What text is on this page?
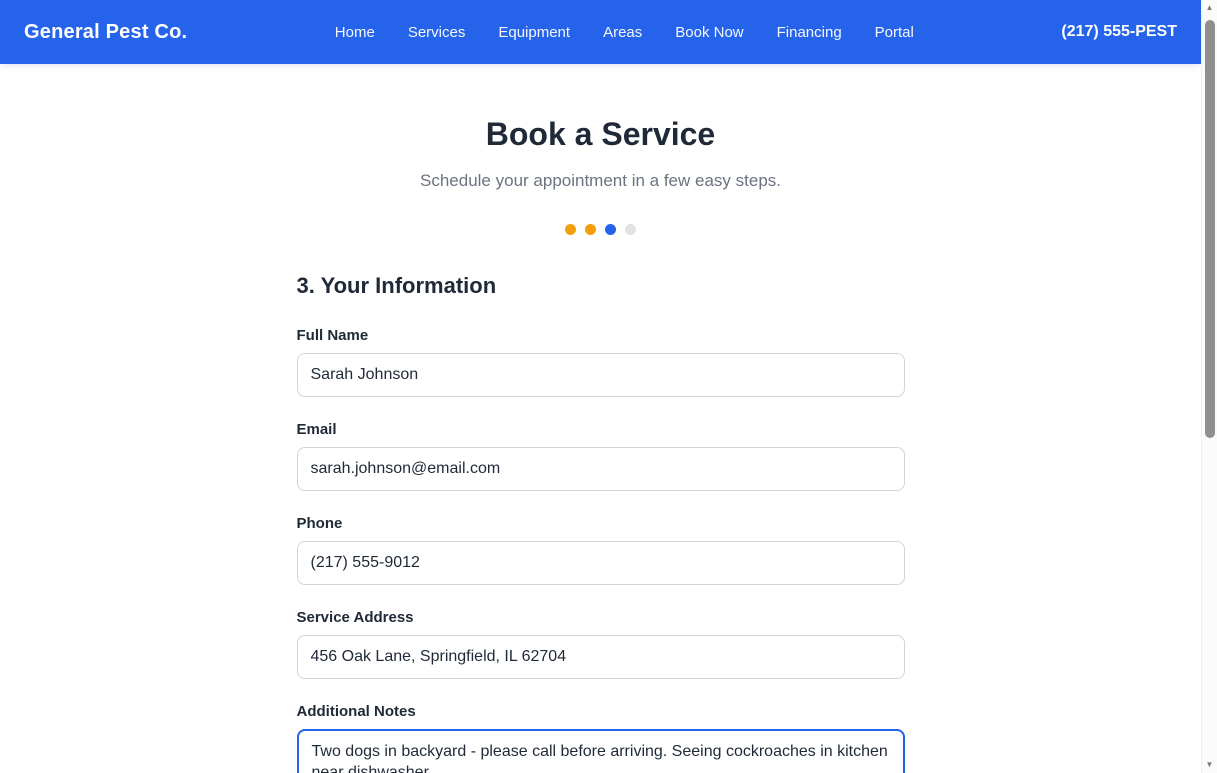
General Pest Co.	Home Services Equipment Areas Book Now Financing Portal	(217) 555-PEST
Book a Service

Schedule your appointment in a few easy steps.

3. Your Information
Full Name
Sarah Johnson
Email
sarah.johnson@email.com
Phone
(217) 555-9012
Service Address
456 Oak Lane, Springfield, IL 62704
Additional Notes
Two dogs in backyard - please call before arriving. Seeing cockroaches in kitchen near dishwasher.
▲
▼
